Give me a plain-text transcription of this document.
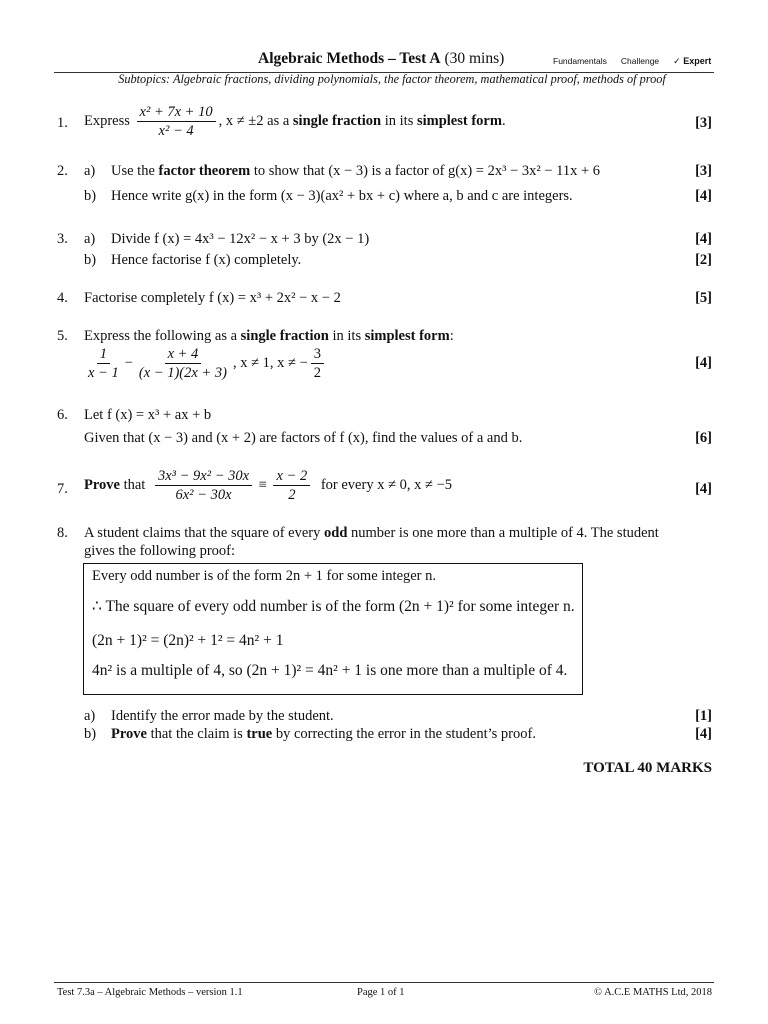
Algebraic Methods – Test A (30 mins)	Fundamentals Challenge ✓ Expert
Subtopics: Algebraic fractions, dividing polynomials, the factor theorem, mathematical proof, methods of proof
1. Express $\frac{\text{x² + 7x + 10}}{\text{x² − 4}}$ , x ≠ ±2 as a single fraction in its simplest form.	[3]
2. a) Use the factor theorem to show that (x − 3) is a factor of g(x) = 2x³ − 3x² − 11x + 6	[3]
b) Hence write g(x) in the form (x − 3)(ax² + bx + c) where a, b and c are integers.	[4]
3. a) Divide f (x) = 4x³ − 12x² − x + 3 by (2x − 1)	[4]
b) Hence factorise f (x) completely.	[2]
4. Factorise completely f (x) = x³ + 2x² − x − 2	[5]
5. Express the following as a single fraction in its simplest form:
$\frac{1}{x - 1} - \frac{x + 4}{(x - 1)(2x + 3)}$ , x ≠ 1, x ≠ − $\frac{3}{2}$	[4]
6. Let f (x) = x³ + ax + b
Given that (x − 3) and (x + 2) are factors of f (x), find the values of a and b.	[6]
7. Prove that $\frac{\text{3x³ − 9x² − 30x}}{\text{6x² − 30x}} \equiv \frac{x - 2}{2}$ for every x ≠ 0, x ≠ −5	[4]
8. A student claims that the square of every odd number is one more than a multiple of 4. The student
gives the following proof:
Every odd number is of the form 2n + 1 for some integer n.
∴ The square of every odd number is of the form (2n + 1)² for some integer n.
(2n + 1)² = (2n)² + 1² = 4n² + 1
4n² is a multiple of 4, so (2n + 1)² = 4n² + 1 is one more than a multiple of 4.
a) Identify the error made by the student.	[1]
b) Prove that the claim is true by correcting the error in the student’s proof.	[4]
TOTAL 40 MARKS
Test 7.3a – Algebraic Methods – version 1.1	Page 1 of 1	© A.C.E MATHS Ltd, 2018
